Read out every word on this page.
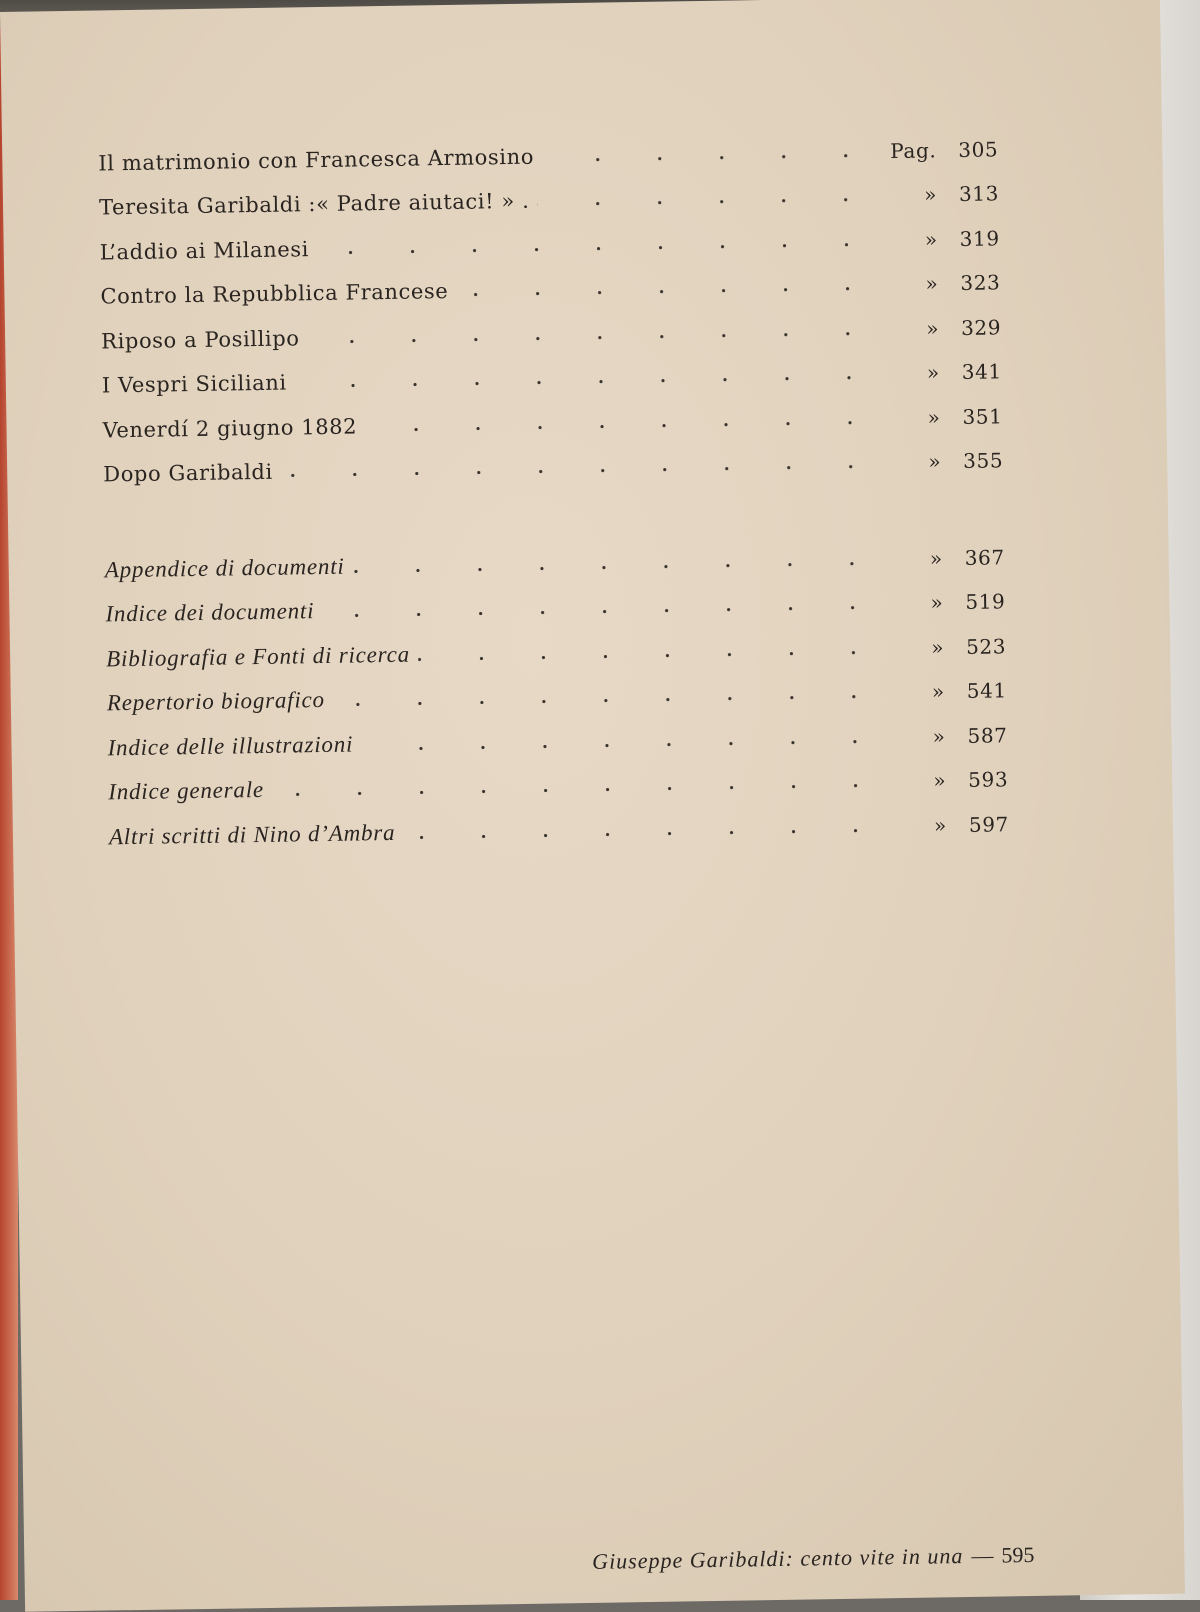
Il matrimonio con Francesca Armosino	Pag.	305
Teresita Garibaldi :« Padre aiutaci! » .	»	313
L’addio ai Milanesi	»	319
Contro la Repubblica Francese	»	323
Riposo a Posillipo	»	329
I Vespri Siciliani	»	341
Venerdí 2 giugno 1882	»	351
Dopo Garibaldi	»	355
Appendice di documenti	»	367
Indice dei documenti	»	519
Bibliografia e Fonti di ricerca	»	523
Repertorio biografico	»	541
Indice delle illustrazioni	»	587
Indice generale	»	593
Altri scritti di Nino d’Ambra	»	597
Giuseppe Garibaldi: cento vite in una — 595
